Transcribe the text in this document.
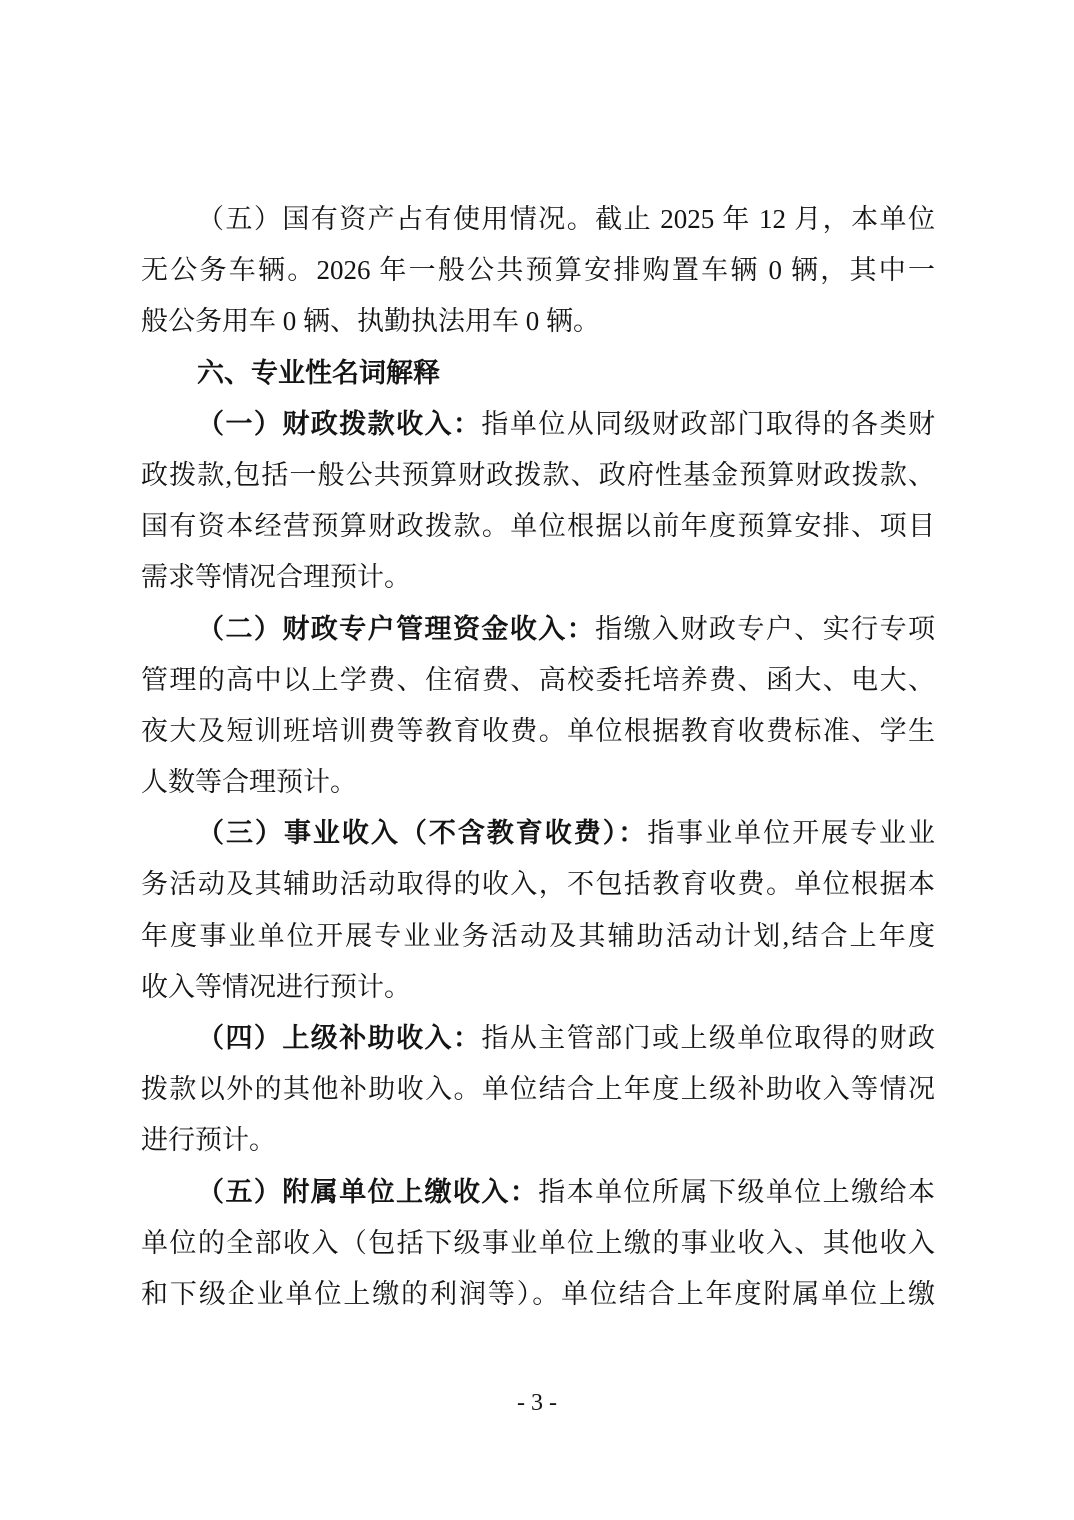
（五）国有资产占有使用情况。截止 2025 年 12 月，本单位
无公务车辆。2026 年一般公共预算安排购置车辆 0 辆，其中一
般公务用车 0 辆、执勤执法用车 0 辆。
六、专业性名词解释
（一）财政拨款收入：指单位从同级财政部门取得的各类财
政拨款,包括一般公共预算财政拨款、政府性基金预算财政拨款、
国有资本经营预算财政拨款。单位根据以前年度预算安排、项目
需求等情况合理预计。
（二）财政专户管理资金收入：指缴入财政专户、实行专项
管理的高中以上学费、住宿费、高校委托培养费、函大、电大、
夜大及短训班培训费等教育收费。单位根据教育收费标准、学生
人数等合理预计。
（三）事业收入（不含教育收费）：指事业单位开展专业业
务活动及其辅助活动取得的收入，不包括教育收费。单位根据本
年度事业单位开展专业业务活动及其辅助活动计划,结合上年度
收入等情况进行预计。
（四）上级补助收入：指从主管部门或上级单位取得的财政
拨款以外的其他补助收入。单位结合上年度上级补助收入等情况
进行预计。
（五）附属单位上缴收入：指本单位所属下级单位上缴给本
单位的全部收入（包括下级事业单位上缴的事业收入、其他收入
和下级企业单位上缴的利润等）。单位结合上年度附属单位上缴
- 3 -
